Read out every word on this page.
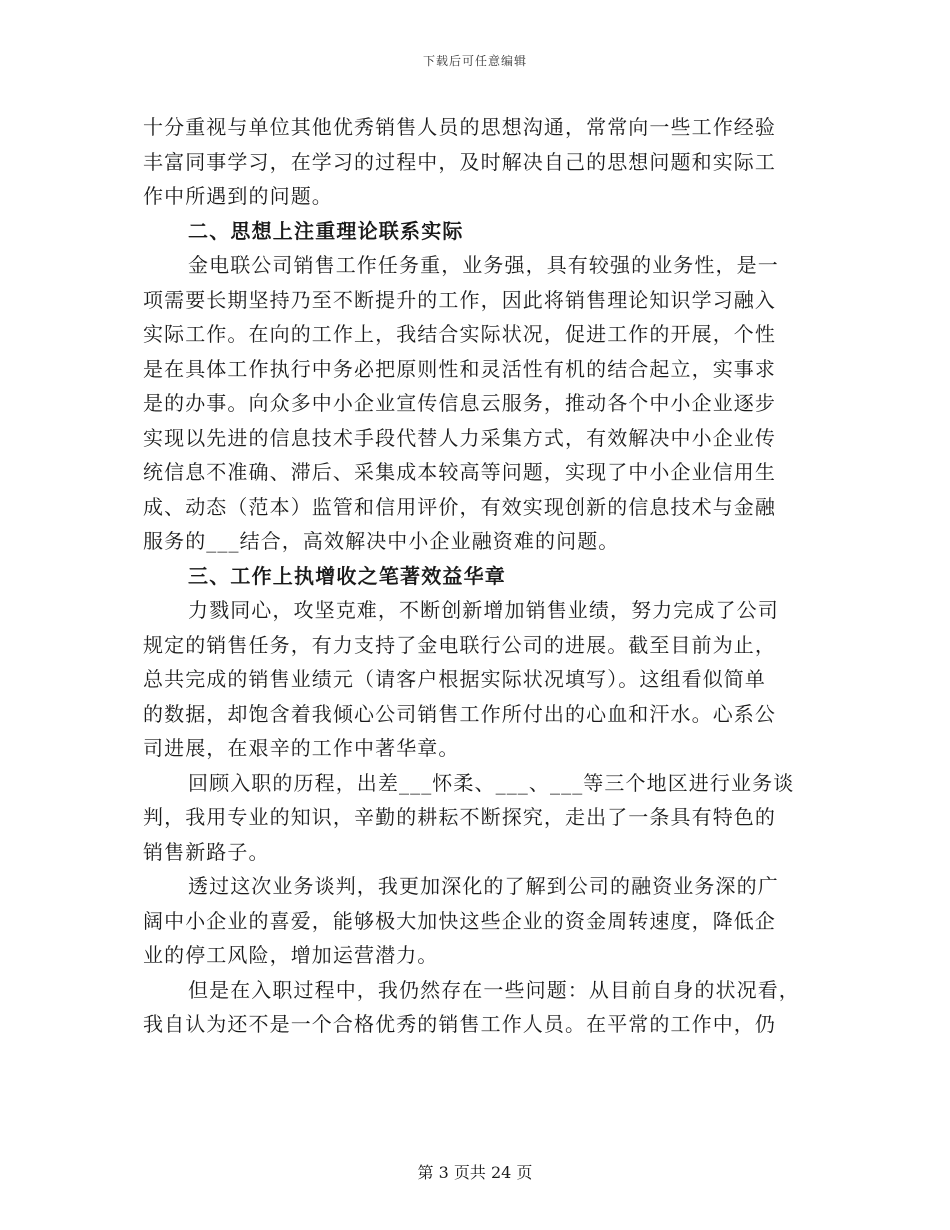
下载后可任意编辑
十分重视与单位其他优秀销售人员的思想沟通，常常向一些工作经验
丰富同事学习，在学习的过程中，及时解决自己的思想问题和实际工
作中所遇到的问题。
二、思想上注重理论联系实际
金电联公司销售工作任务重，业务强，具有较强的业务性，是一
项需要长期坚持乃至不断提升的工作，因此将销售理论知识学习融入
实际工作。在向的工作上，我结合实际状况，促进工作的开展，个性
是在具体工作执行中务必把原则性和灵活性有机的结合起立，实事求
是的办事。向众多中小企业宣传信息云服务，推动各个中小企业逐步
实现以先进的信息技术手段代替人力采集方式，有效解决中小企业传
统信息不准确、滞后、采集成本较高等问题，实现了中小企业信用生
成、动态（范本）监管和信用评价，有效实现创新的信息技术与金融
服务的___结合，高效解决中小企业融资难的问题。
三、工作上执增收之笔著效益华章
力戮同心，攻坚克难，不断创新增加销售业绩，努力完成了公司
规定的销售任务，有力支持了金电联行公司的进展。截至目前为止，
总共完成的销售业绩元（请客户根据实际状况填写）。这组看似简单
的数据，却饱含着我倾心公司销售工作所付出的心血和汗水。心系公
司进展，在艰辛的工作中著华章。
回顾入职的历程，出差___怀柔、___、___等三个地区进行业务谈
判，我用专业的知识，辛勤的耕耘不断探究，走出了一条具有特色的
销售新路子。
透过这次业务谈判，我更加深化的了解到公司的融资业务深的广
阔中小企业的喜爱，能够极大加快这些企业的资金周转速度，降低企
业的停工风险，增加运营潜力。
但是在入职过程中，我仍然存在一些问题：从目前自身的状况看，
我自认为还不是一个合格优秀的销售工作人员。在平常的工作中，仍
第 3 页共 24 页
